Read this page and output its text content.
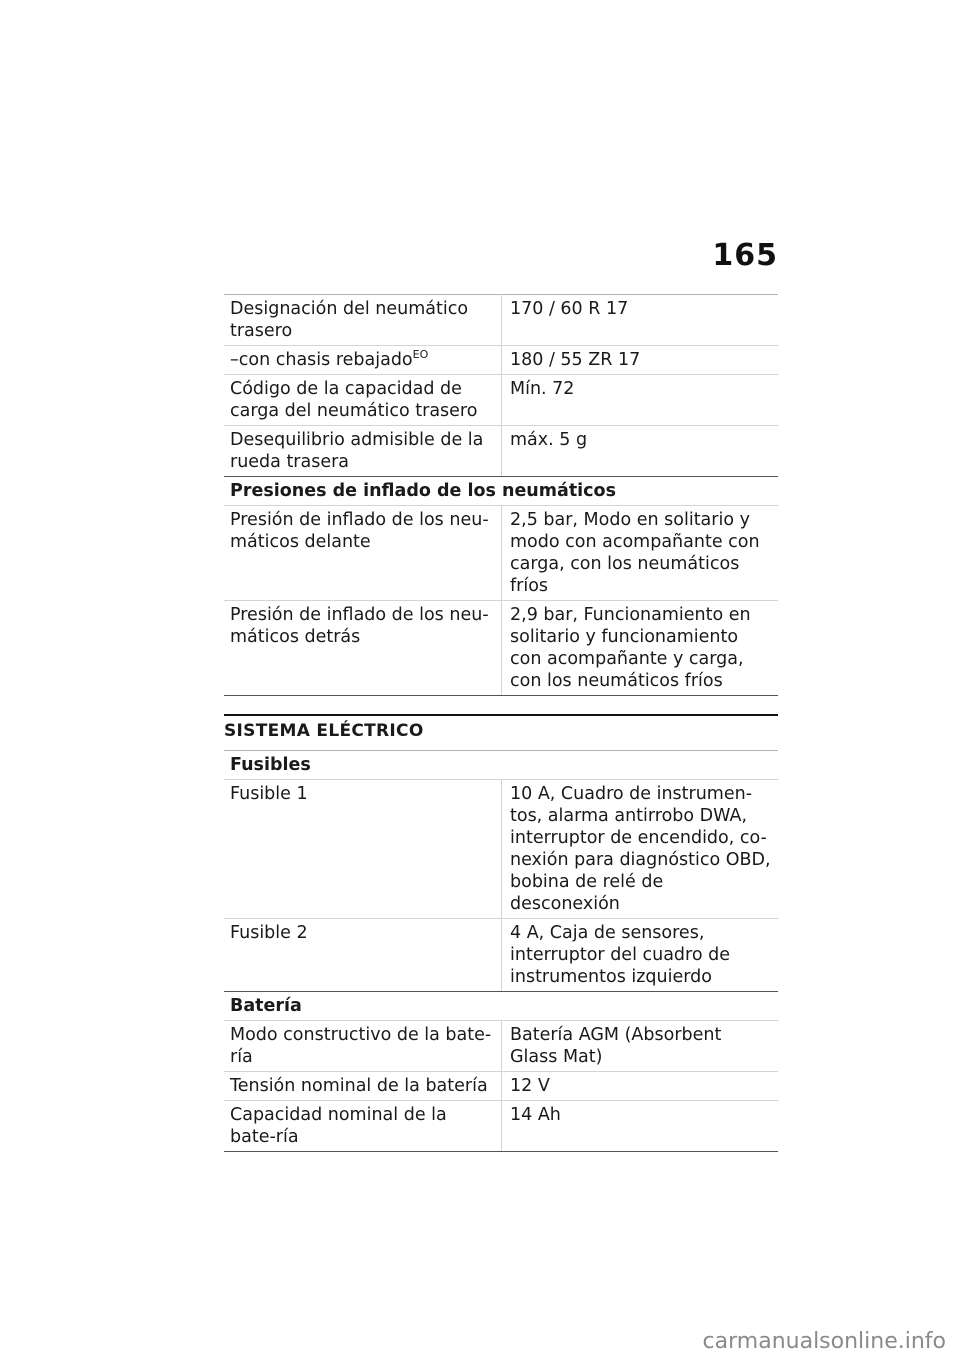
165
Designación del neumático trasero	170 / 60 R 17
–con chasis rebajado$^{EO}$	180 / 55 ZR 17
Código de la capacidad de carga del neumático trasero	Mín. 72
Desequilibrio admisible de la rueda trasera	máx. 5 g
Presiones de inflado de los neumáticos	
Presión de inflado de los neu-máticos delante	2,5 bar, Modo en solitario y modo con acompañante con carga, con los neumáticos fríos
Presión de inflado de los neu-máticos detrás	2,9 bar, Funcionamiento en solitario y funcionamiento con acompañante y carga, con los neumáticos fríos
SISTEMA ELÉCTRICO
Fusibles	
Fusible 1	10 A, Cuadro de instrumen-tos, alarma antirrobo DWA, interruptor de encendido, co-nexión para diagnóstico OBD, bobina de relé de desconexión
Fusible 2	4 A, Caja de sensores, interruptor del cuadro de instrumentos izquierdo
Batería	
Modo constructivo de la bate-ría	Batería AGM (Absorbent Glass Mat)
Tensión nominal de la batería	12 V
Capacidad nominal de la bate-ría	14 Ah
carmanualsonline.info
